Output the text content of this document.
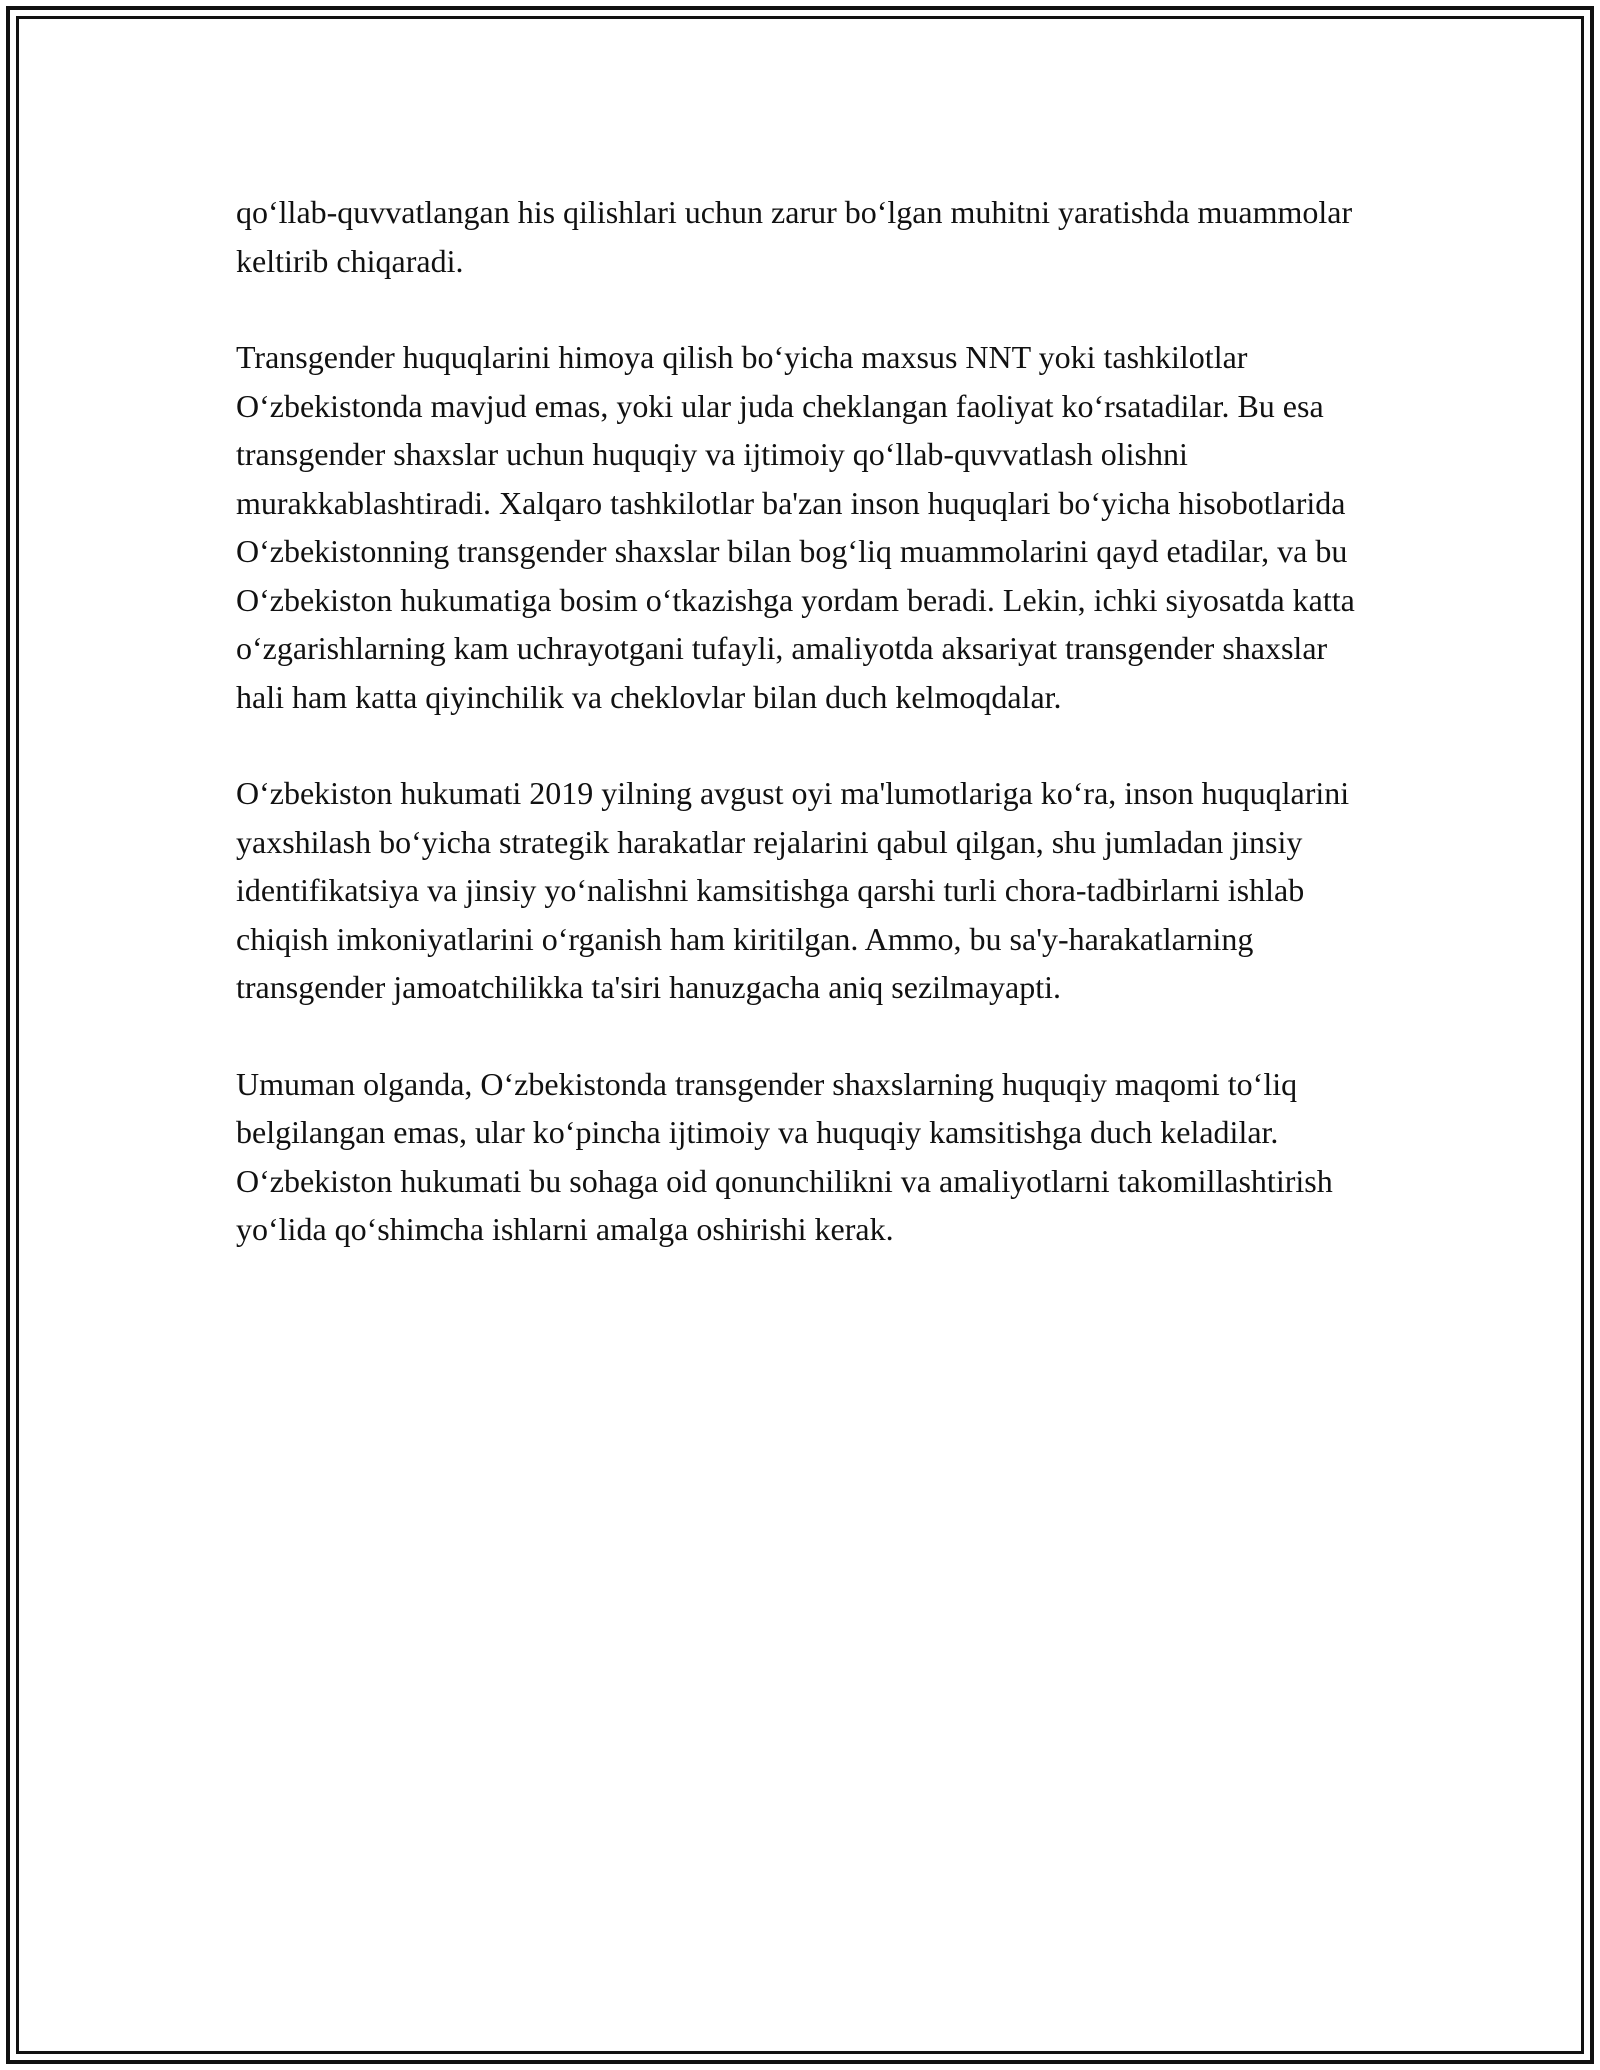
qo‘llab-quvvatlangan his qilishlari uchun zarur bo‘lgan muhitni yaratishda muammolar keltirib chiqaradi.

Transgender huquqlarini himoya qilish bo‘yicha maxsus NNT yoki tashkilotlar O‘zbekistonda mavjud emas, yoki ular juda cheklangan faoliyat ko‘rsatadilar. Bu esa transgender shaxslar uchun huquqiy va ijtimoiy qo‘llab-quvvatlash olishni murakkablashtiradi. Xalqaro tashkilotlar ba'zan inson huquqlari bo‘yicha hisobotlarida O‘zbekistonning transgender shaxslar bilan bog‘liq muammolarini qayd etadilar, va bu O‘zbekiston hukumatiga bosim o‘tkazishga yordam beradi. Lekin, ichki siyosatda katta o‘zgarishlarning kam uchrayotgani tufayli, amaliyotda aksariyat transgender shaxslar hali ham katta qiyinchilik va cheklovlar bilan duch kelmoqdalar.

O‘zbekiston hukumati 2019 yilning avgust oyi ma'lumotlariga ko‘ra, inson huquqlarini yaxshilash bo‘yicha strategik harakatlar rejalarini qabul qilgan, shu jumladan jinsiy identifikatsiya va jinsiy yo‘nalishni kamsitishga qarshi turli chora-tadbirlarni ishlab chiqish imkoniyatlarini o‘rganish ham kiritilgan. Ammo, bu sa'y-harakatlarning transgender jamoatchilikka ta'siri hanuzgacha aniq sezilmayapti.

Umuman olganda, O‘zbekistonda transgender shaxslarning huquqiy maqomi to‘liq belgilangan emas, ular ko‘pincha ijtimoiy va huquqiy kamsitishga duch keladilar. O‘zbekiston hukumati bu sohaga oid qonunchilikni va amaliyotlarni takomillashtirish yo‘lida qo‘shimcha ishlarni amalga oshirishi kerak.
